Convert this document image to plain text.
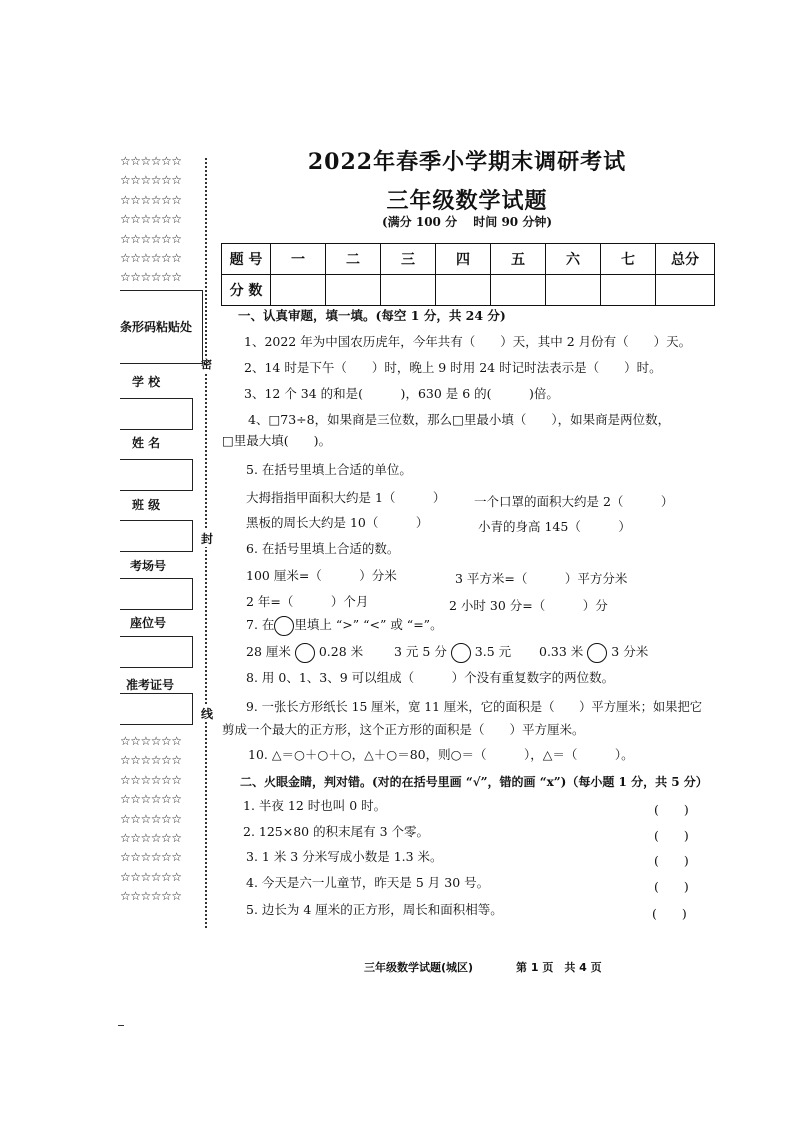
☆☆☆☆☆☆
☆☆☆☆☆☆
☆☆☆☆☆☆
☆☆☆☆☆☆
☆☆☆☆☆☆
☆☆☆☆☆☆
☆☆☆☆☆☆
密
封
线
条形码粘贴处
学 校
姓 名
班 级
考场号
座位号
准考证号
☆☆☆☆☆☆
☆☆☆☆☆☆
☆☆☆☆☆☆
☆☆☆☆☆☆
☆☆☆☆☆☆
☆☆☆☆☆☆
☆☆☆☆☆☆
☆☆☆☆☆☆
☆☆☆☆☆☆
2022年春季小学期末调研考试
三年级数学试题
(满分 100 分　 时间 90 分钟)
题 号	一	二	三	四	五	六	七	总分
分 数								
一、认真审题，填一填。(每空 1 分，共 24 分)
1、2022 年为中国农历虎年，今年共有（　　）天，其中 2 月份有（　　）天。
2、14 时是下午（　　）时，晚上 9 时用 24 时记时法表示是（　　）时。
3、12 个 34 的和是(　　　)，630 是 6 的(　　　)倍。
4、□73÷8，如果商是三位数，那么□里最小填（　　），如果商是两位数，
□里最大填(　　)。
5. 在括号里填上合适的单位。
大拇指指甲面积大约是 1（　　　） 一个口罩的面积大约是 2（　　　）
黑板的周长大约是 10（　　　）	小青的身高 145（　　　）
6. 在括号里填上合适的数。
100 厘米=（　　　）分米	3 平方米=（　　　）平方分米
2 年=（　　　）个月	2 小时 30 分=（　　　）分
7. 在 里填上 “>” “<” 或 “=”。
28 厘米 0.28 米 3 元 5 分 3.5 元 0.33 米 3 分米
8. 用 0、1、3、9 可以组成（　　　）个没有重复数字的两位数。
9. 一张长方形纸长 15 厘米，宽 11 厘米，它的面积是（　　）平方厘米；如果把它
剪成一个最大的正方形，这个正方形的面积是（　　）平方厘米。
10. △＝○＋○＋○，△＋○＝80，则○＝（　　　），△＝（　　　）。
二、火眼金睛，判对错。(对的在括号里画 “√”，错的画 “x”)（每小题 1 分，共 5 分）
1. 半夜 12 时也叫 0 时。	(　　)
2. 125×80 的积末尾有 3 个零。	(　　)
3. 1 米 3 分米写成小数是 1.3 米。	(　　)
4. 今天是六一儿童节，昨天是 5 月 30 号。	(　　)
5. 边长为 4 厘米的正方形，周长和面积相等。	(　　)
三年级数学试题(城区)	第 1 页　共 4 页
